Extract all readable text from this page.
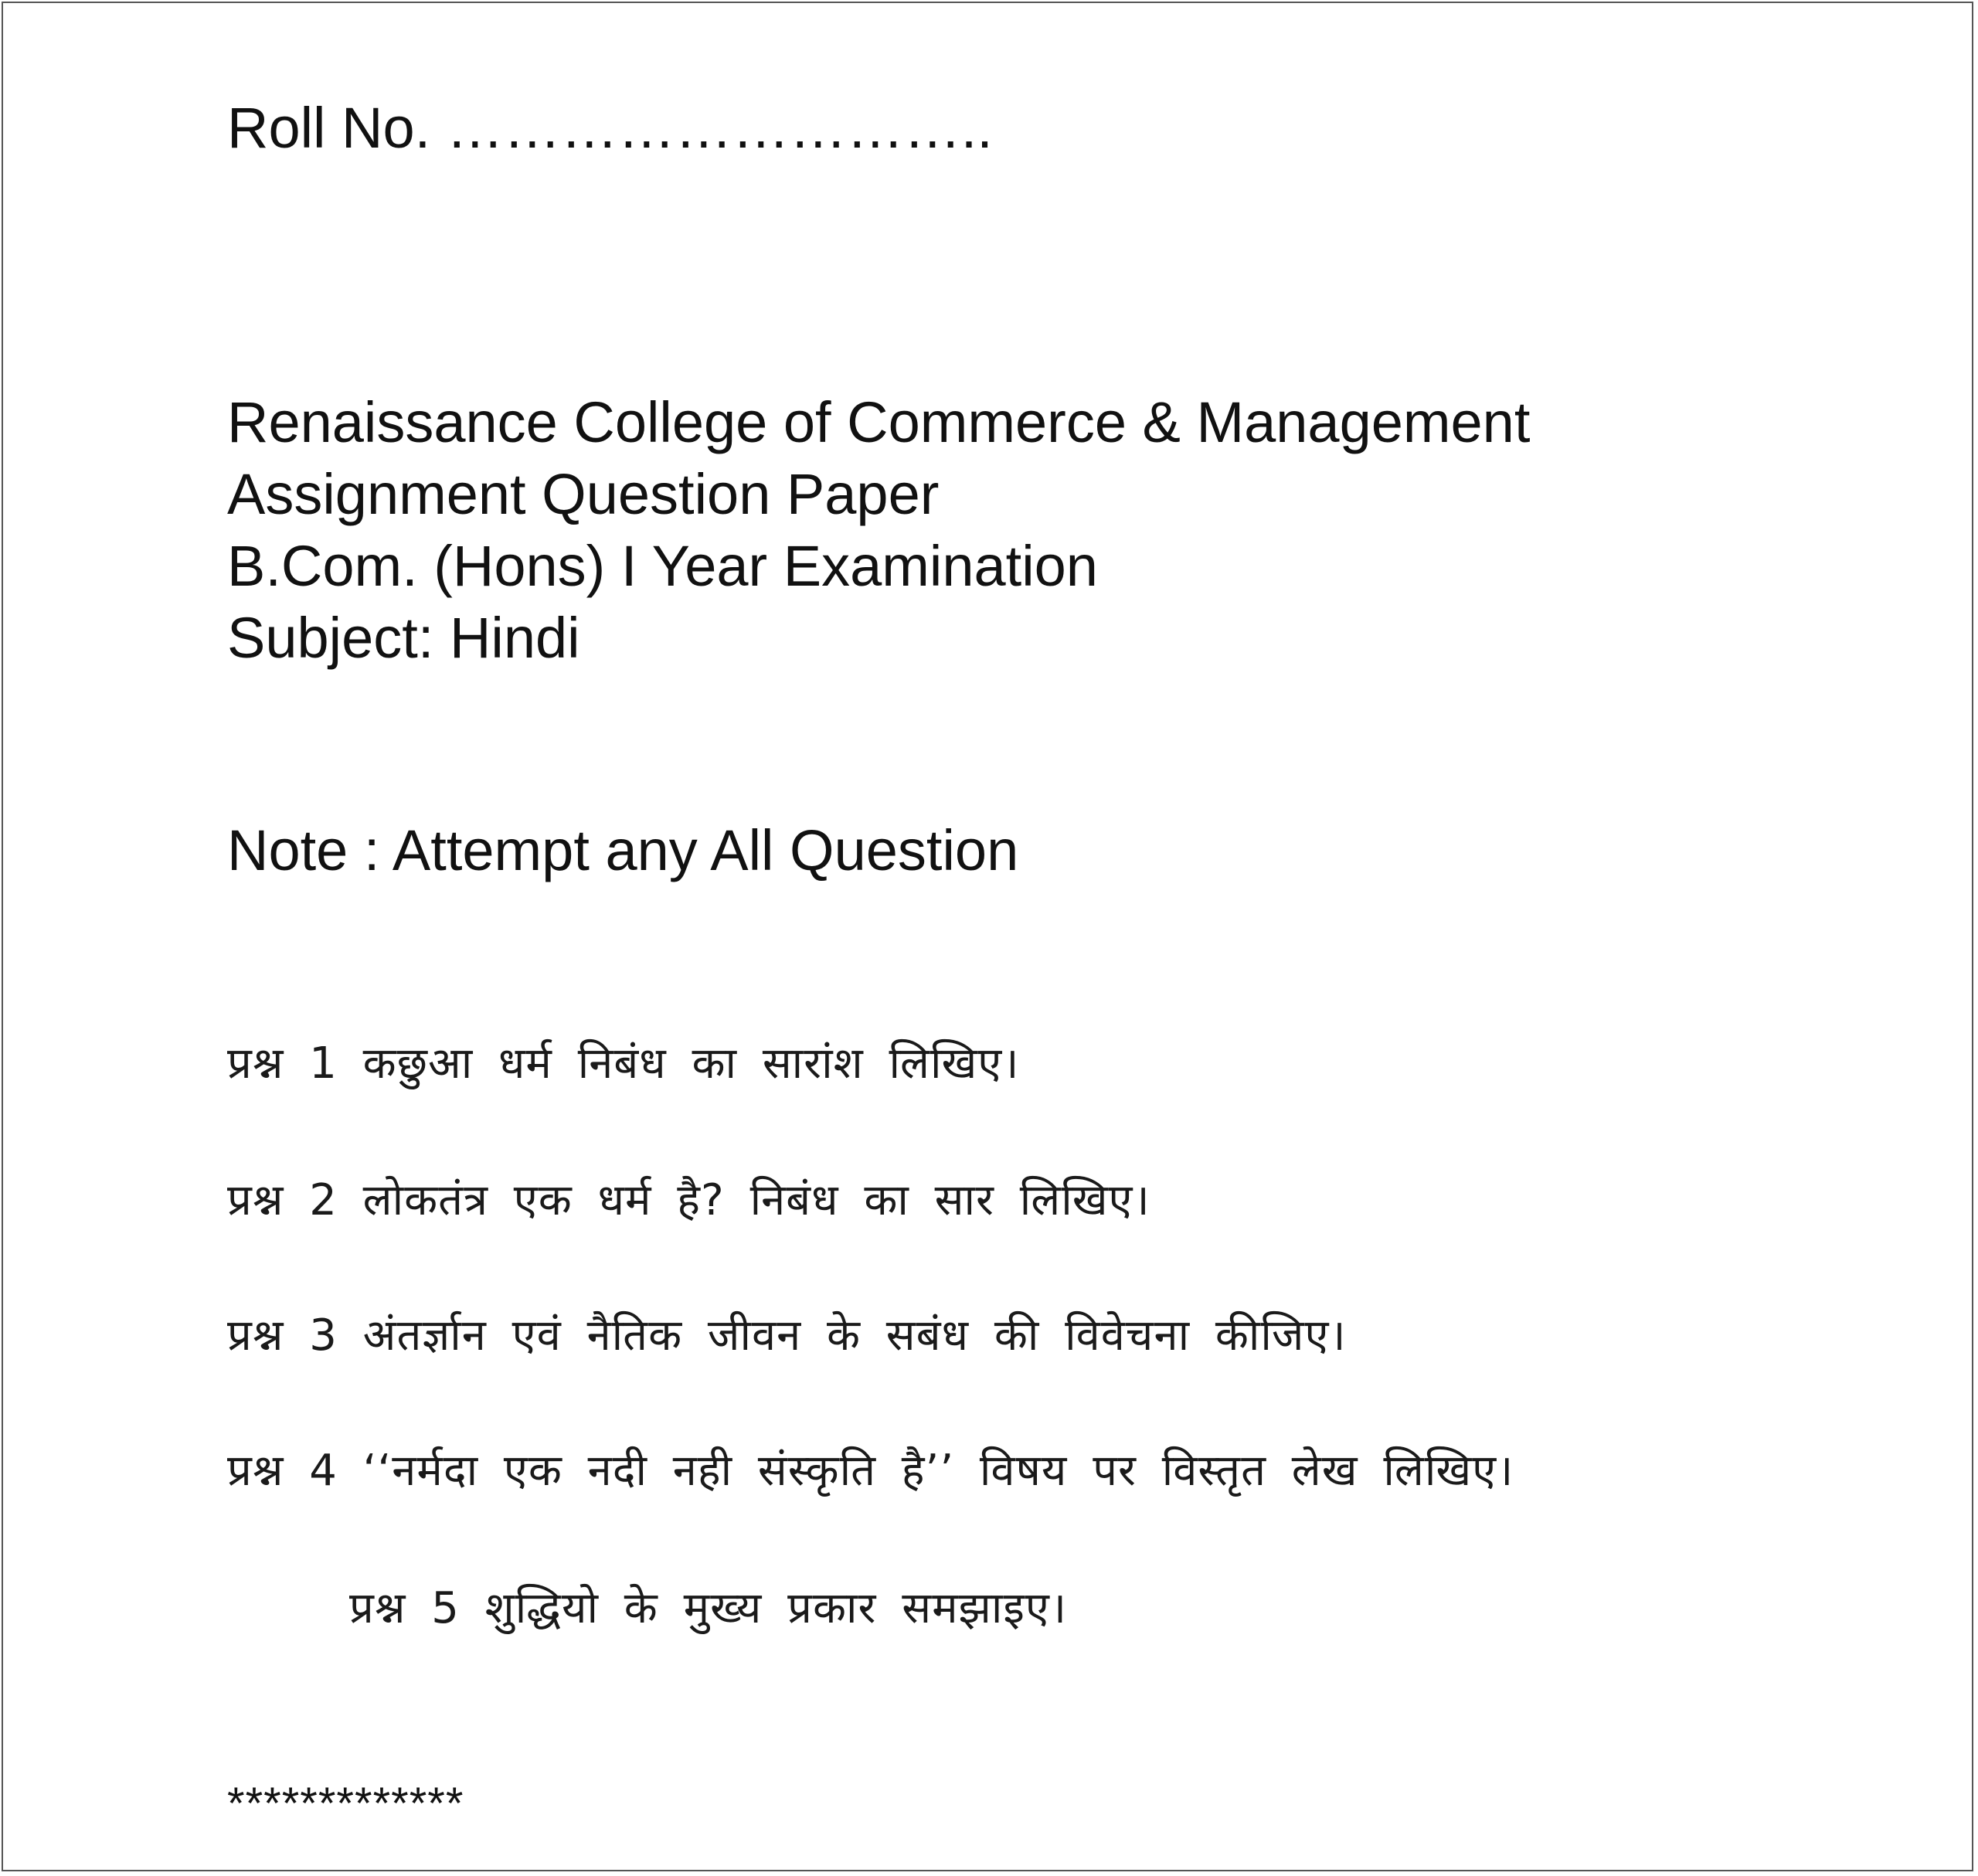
Roll No. ………………………..
Renaissance College of Commerce & Management
Assignment Question Paper
B.Com. (Hons) I Year Examination
Subject: Hindi
Note : Attempt any All Question
प्रश्न 1 कछुआ धर्म निबंध का सारांश लिखिए।
प्रश्न 2 लोकतंत्र एक धर्म है? निबंध का सार लिखिए।
प्रश्न 3 अंतर्ज्ञान एवं नैतिक जीवन के सबंध की विवेचना कीजिए।
प्रश्न 4 ‘‘नर्मदा एक नदी नही संस्कृति है’’ विषय पर विस्तृत लेख लिखिए।
प्रश्न 5 शुद्धियो के मुख्य प्रकार समझाइए।
*************
